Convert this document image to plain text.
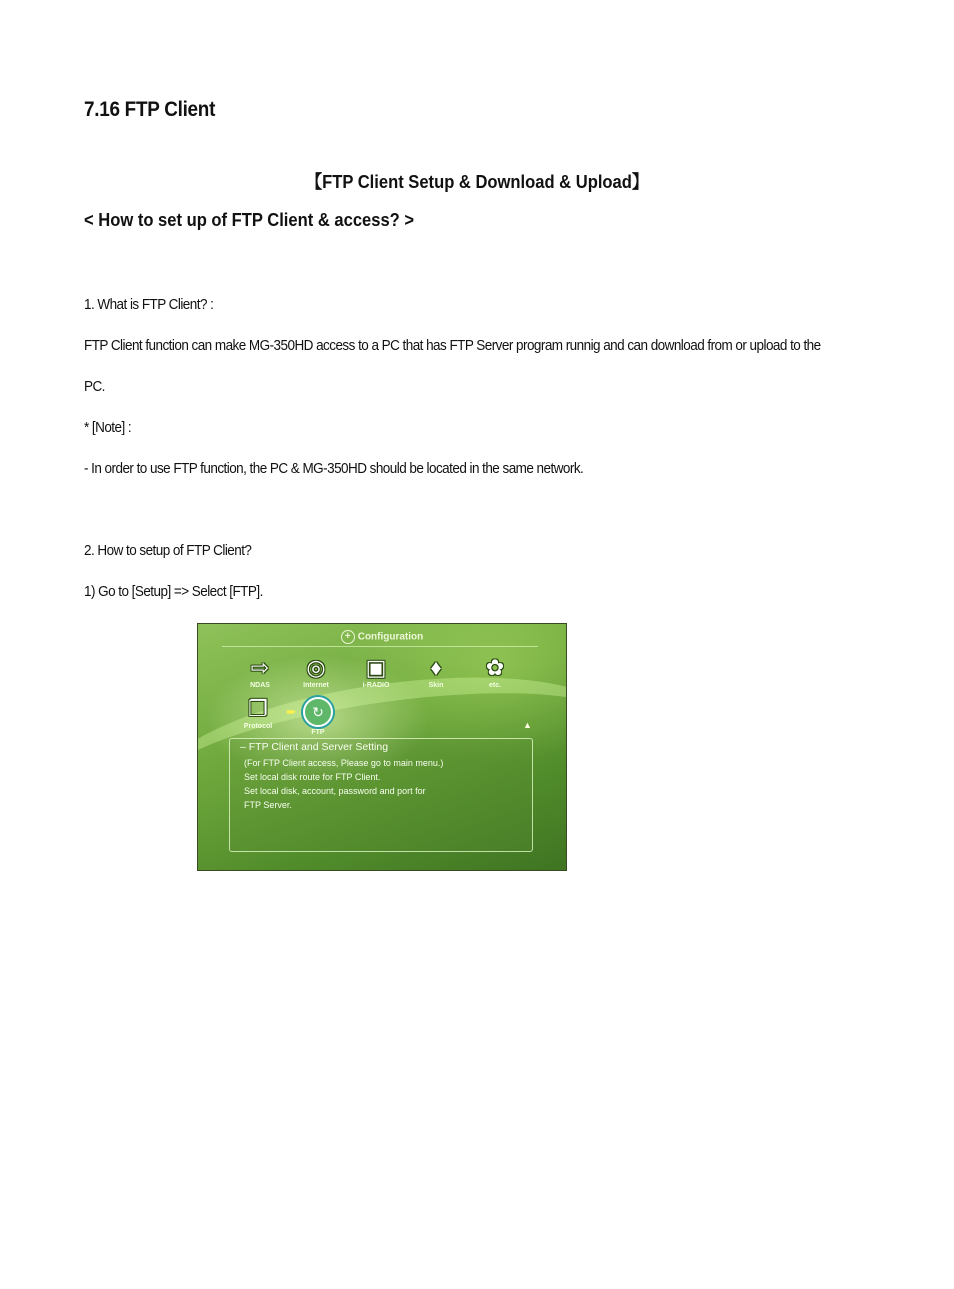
7.16 FTP Client
【FTP Client Setup & Download & Upload】
< How to set up of FTP Client & access? >

1. What is FTP Client? :

FTP Client function can make MG-350HD access to a PC that has FTP Server program runnig and can download from or upload to the

PC.

* [Note] :

- In order to use FTP function, the PC & MG-350HD should be located in the same network.

2. How to setup of FTP Client?

1) Go to [Setup] => Select [FTP].

+ Configuration
⇨
NDAS
◎
Internet
▣
i-RADIO
♦
Skin
✿
etc.
❐
Protocol
➨	↻
FTP
▲
– FTP Client and Server Setting
(For FTP Client access, Please go to main menu.)
Set local disk route for FTP Client.
Set local disk, account, password and port for
FTP Server.
